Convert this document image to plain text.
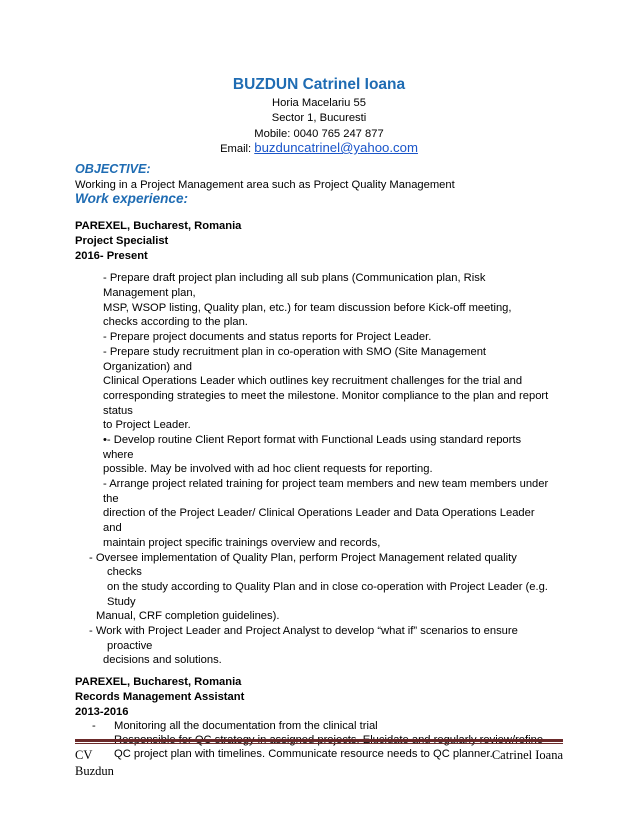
BUZDUN Catrinel Ioana
Horia Macelariu 55
Sector 1, Bucuresti
Mobile: 0040 765 247 877
Email: buzduncatrinel@yahoo.com
OBJECTIVE:
Working in a Project Management area such as Project Quality Management
Work experience:
PAREXEL, Bucharest, Romania
Project Specialist
2016- Present
- Prepare draft project plan including all sub plans (Communication plan, Risk
Management plan,
MSP, WSOP listing, Quality plan, etc.) for team discussion before Kick-off meeting,
checks according to the plan.
- Prepare project documents and status reports for Project Leader.
- Prepare study recruitment plan in co-operation with SMO (Site Management
Organization) and
Clinical Operations Leader which outlines key recruitment challenges for the trial and
corresponding strategies to meet the milestone. Monitor compliance to the plan and report
status
to Project Leader.
•- Develop routine Client Report format with Functional Leads using standard reports
where
possible. May be involved with ad hoc client requests for reporting.
- Arrange project related training for project team members and new team members under
the
direction of the Project Leader/ Clinical Operations Leader and Data Operations Leader
and
maintain project specific trainings overview and records,
- Oversee implementation of Quality Plan, perform Project Management related quality
checks
on the study according to Quality Plan and in close co-operation with Project Leader (e.g.
Study
Manual, CRF completion guidelines).
- Work with Project Leader and Project Analyst to develop “what if” scenarios to ensure
proactive
decisions and solutions.
PAREXEL, Bucharest, Romania
Records Management Assistant
2013-2016
- Monitoring all the documentation from the clinical trial
QC project plan with timelines. Communicate resource needs to QC planner.
CV
Buzdun
Catrinel Ioana
